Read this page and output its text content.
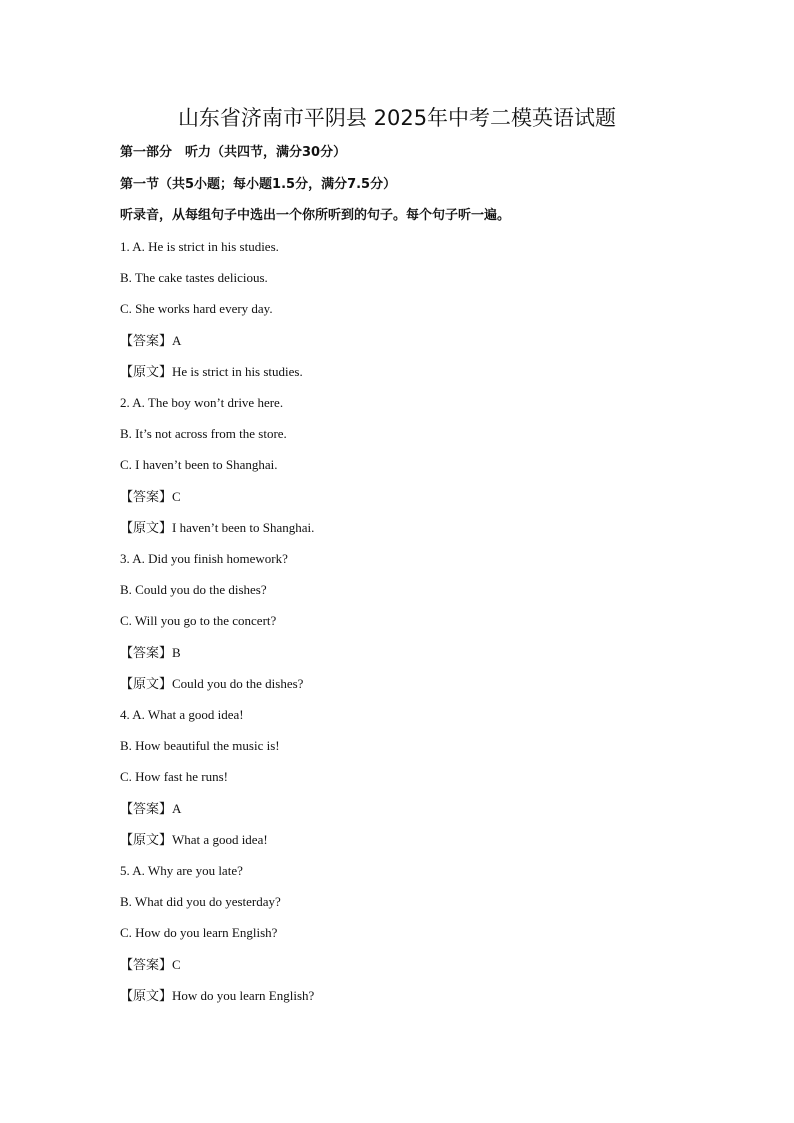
山东省济南市平阴县 2025年中考二模英语试题
第一部分　听力（共四节，满分30分）
第一节（共5小题；每小题1.5分，满分7.5分）
听录音，从每组句子中选出一个你所听到的句子。每个句子听一遍。
1. A. He is strict in his studies.
B. The cake tastes delicious.
C. She works hard every day.
【答案】A
【原文】He is strict in his studies.
2. A. The boy won’t drive here.
B. It’s not across from the store.
C. I haven’t been to Shanghai.
【答案】C
【原文】I haven’t been to Shanghai.
3. A. Did you finish homework?
B. Could you do the dishes?
C. Will you go to the concert?
【答案】B
【原文】Could you do the dishes?
4. A. What a good idea!
B. How beautiful the music is!
C. How fast he runs!
【答案】A
【原文】What a good idea!
5. A. Why are you late?
B. What did you do yesterday?
C. How do you learn English?
【答案】C
【原文】How do you learn English?
